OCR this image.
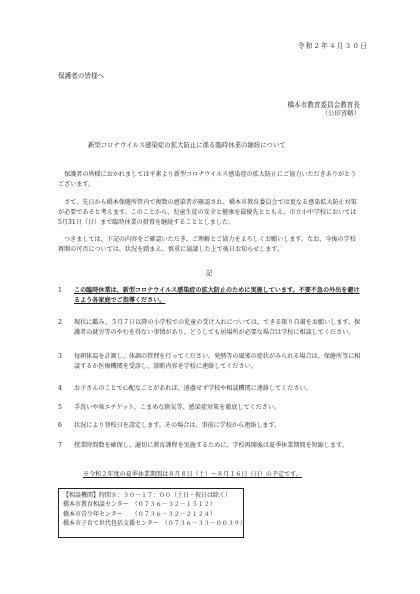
令和２年４月３０日
保護者の皆様へ
橋本市教育委員会教育長
（公印省略）
新型コロナウイルス感染症の拡大防止に係る臨時休業の継続について
　保護者の皆様におかれましては平素より新型コロナウイルス感染症の拡大防止にご協力いただきありがとうございます。
　さて、先日から橋本保健所管内で複数の感染者が確認され、橋本市教育委員会では更なる感染拡大防止対策が必要であると考えます。このことから、児童生徒の安全と健康を最優先とともえ、市立小中学校においては5月31日（日）まで臨時休業の措置を継続することとしました。
　つきましては、下記の内容をご確認いただき、ご理解とご協力をよろしくお願いします。なお、今後の学校再開の可否については、状況を踏まえ、慎重に協議した上で後日お知らせします。
記
1	この臨時休業は、新型コロナウイルス感染症の拡大防止のために実施しています。不要不急の外出を避けるよう各家庭でご指導ください。
2	現状に鑑み、５月７日以降の小学校での児童の受け入れについては、できる限り自粛をお願いします。保護者の就労等のやむを得ない事情があり、どうしても居場所が必要な場合は学校に相談してください。
3	毎朝体温を計測し、体調の管理を行ってください。発熱等の風邪の症状がみられる場合は、保健所等に相談するか医療機関を受診し、診断内容を学校に連絡してください。
4	お子さんのことで心配なことがあれば、遠慮せず学校や相談機関に連絡してください。
5	手洗いや咳エチケット、こまめな換気等、感染症対策を徹底してください。
6	状況により登校日を設定します。その場合は、事前に学校から連絡します。
7	授業時間数を確保し、適切に教育課程を実施するために、学校再開後は夏季休業期間を短縮します。
※令和２年度の夏季休業期間は８月８日（土）～８月１６日（日）の予定です。
【相談機関】時間８：３０～１７：００（土日・祝日は除く）
橋本市教育相談センター　（０７３６－３２－１５１２）
橋本市青少年センター　　（０７３６－３２－２１２４）
橋本市子育て世代包括支援センター　（０７３６－３３－００３９）
